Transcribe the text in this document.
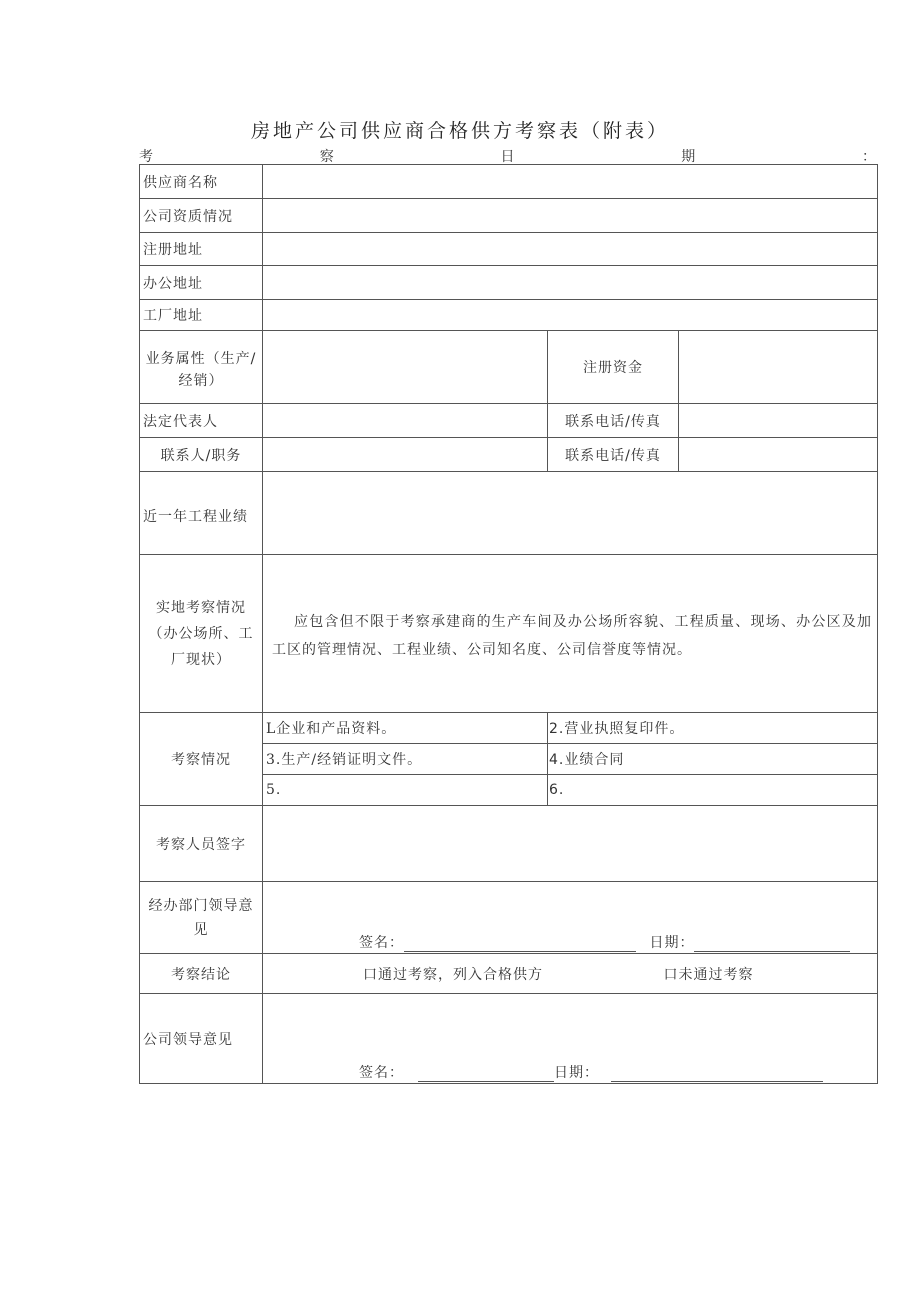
房地产公司供应商合格供方考察表（附表）
考	察	日	期	：
供应商名称			
公司资质情况			
注册地址			
办公地址			
工厂地址			
业务属性（生产/经销）		注册资金	
法定代表人		联系电话/传真	
联系人/职务		联系电话/传真	
近一年工程业绩			
实地考察情况（办公场所、工厂现状）	应包含但不限于考察承建商的生产车间及办公场所容貌、工程质量、现场、办公区及加工区的管理情况、工程业绩、公司知名度、公司信誉度等情况。		

考察情况	L企业和产品资料。	2.营业执照复印件。	
	3.生产/经销证明文件。	4.业绩合同	
	5.	6.	
考察人员签字			
经办部门领导意见	签名： 日期：		

考察结论	口通过考察，列入合格供方 口未通过考察		
公司领导意见	签名： 日期：		
